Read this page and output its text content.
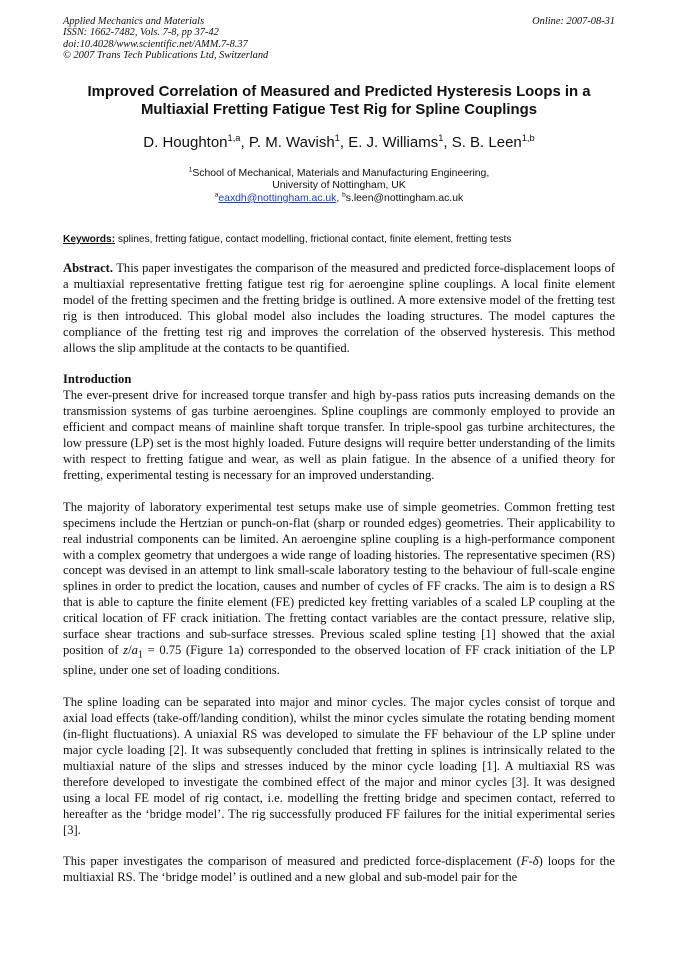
Applied Mechanics and Materials
ISSN: 1662-7482, Vols. 7-8, pp 37-42
doi:10.4028/www.scientific.net/AMM.7-8.37
© 2007 Trans Tech Publications Ltd, Switzerland
Online: 2007-08-31
Improved Correlation of Measured and Predicted Hysteresis Loops in a
Multiaxial Fretting Fatigue Test Rig for Spline Couplings
D. Houghton$^{1,a}$, P. M. Wavish$^1$, E. J. Williams$^1$, S. B. Leen$^{1,b}$
$^1$School of Mechanical, Materials and Manufacturing Engineering,
University of Nottingham, UK
$^a$eaxdh@nottingham.ac.uk, $^b$s.leen@nottingham.ac.uk
Keywords: splines, fretting fatigue, contact modelling, frictional contact, finite element, fretting tests

Abstract. This paper investigates the comparison of the measured and predicted force-displacement loops of a multiaxial representative fretting fatigue test rig for aeroengine spline couplings. A local finite element model of the fretting specimen and the fretting bridge is outlined. A more extensive model of the fretting test rig is then introduced. This global model also includes the loading structures. The model captures the compliance of the fretting test rig and improves the correlation of the observed hysteresis. This method allows the slip amplitude at the contacts to be quantified.

Introduction

The ever-present drive for increased torque transfer and high by-pass ratios puts increasing demands on the transmission systems of gas turbine aeroengines. Spline couplings are commonly employed to provide an efficient and compact means of mainline shaft torque transfer. In triple-spool gas turbine architectures, the low pressure (LP) set is the most highly loaded. Future designs will require better understanding of the limits with respect to fretting fatigue and wear, as well as plain fatigue. In the absence of a unified theory for fretting, experimental testing is necessary for an improved understanding.

The majority of laboratory experimental test setups make use of simple geometries. Common fretting test specimens include the Hertzian or punch-on-flat (sharp or rounded edges) geometries. Their applicability to real industrial components can be limited. An aeroengine spline coupling is a high-performance component with a complex geometry that undergoes a wide range of loading histories. The representative specimen (RS) concept was devised in an attempt to link small-scale laboratory testing to the behaviour of full-scale engine splines in order to predict the location, causes and number of cycles of FF cracks. The aim is to design a RS that is able to capture the finite element (FE) predicted key fretting variables of a scaled LP coupling at the critical location of FF crack initiation. The fretting contact variables are the contact pressure, relative slip, surface shear tractions and sub-surface stresses. Previous scaled spline testing [1] showed that the axial position of $z/a_1 = 0.75$ (Figure 1a) corresponded to the observed location of FF crack initiation of the LP spline, under one set of loading conditions.

The spline loading can be separated into major and minor cycles. The major cycles consist of torque and axial load effects (take-off/landing condition), whilst the minor cycles simulate the rotating bending moment (in-flight fluctuations). A uniaxial RS was developed to simulate the FF behaviour of the LP spline under major cycle loading [2]. It was subsequently concluded that fretting in splines is intrinsically related to the multiaxial nature of the slips and stresses induced by the minor cycle loading [1]. A multiaxial RS was therefore developed to investigate the combined effect of the major and minor cycles [3]. It was designed using a local FE model of rig contact, i.e. modelling the fretting bridge and specimen contact, referred to hereafter as the ‘bridge model’. The rig successfully produced FF failures for the initial experimental series [3].

This paper investigates the comparison of measured and predicted force-displacement (F-δ) loops for the multiaxial RS. The ‘bridge model’ is outlined and a new global and sub-model pair for the
